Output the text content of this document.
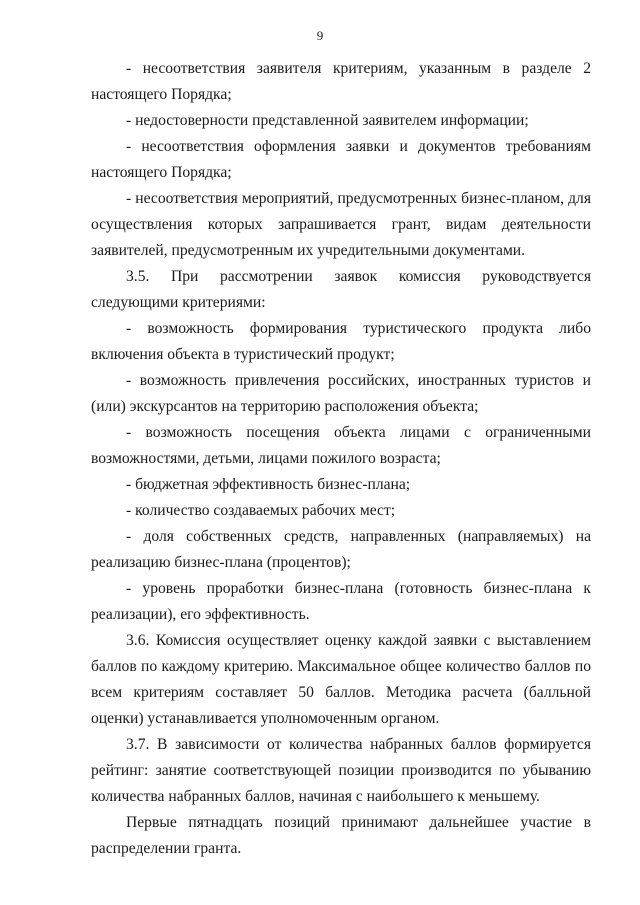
9

- несоответствия заявителя критериям, указанным в разделе 2 настоящего Порядка;

- недостоверности представленной заявителем информации;

- несоответствия оформления заявки и документов требованиям настоящего Порядка;

- несоответствия мероприятий, предусмотренных бизнес-планом, для осуществления которых запрашивается грант, видам деятельности заявителей, предусмотренным их учредительными документами.

3.5. При рассмотрении заявок комиссия руководствуется следующими критериями:

- возможность формирования туристического продукта либо включения объекта в туристический продукт;

- возможность привлечения российских, иностранных туристов и (или) экскурсантов на территорию расположения объекта;

- возможность посещения объекта лицами с ограниченными возможностями, детьми, лицами пожилого возраста;

- бюджетная эффективность бизнес-плана;

- количество создаваемых рабочих мест;

- доля собственных средств, направленных (направляемых) на реализацию бизнес-плана (процентов);

- уровень проработки бизнес-плана (готовность бизнес-плана к реализации), его эффективность.

3.6. Комиссия осуществляет оценку каждой заявки с выставлением баллов по каждому критерию. Максимальное общее количество баллов по всем критериям составляет 50 баллов. Методика расчета (балльной оценки) устанавливается уполномоченным органом.

3.7. В зависимости от количества набранных баллов формируется рейтинг: занятие соответствующей позиции производится по убыванию количества набранных баллов, начиная с наибольшего к меньшему.

Первые пятнадцать позиций принимают дальнейшее участие в распределении гранта.
